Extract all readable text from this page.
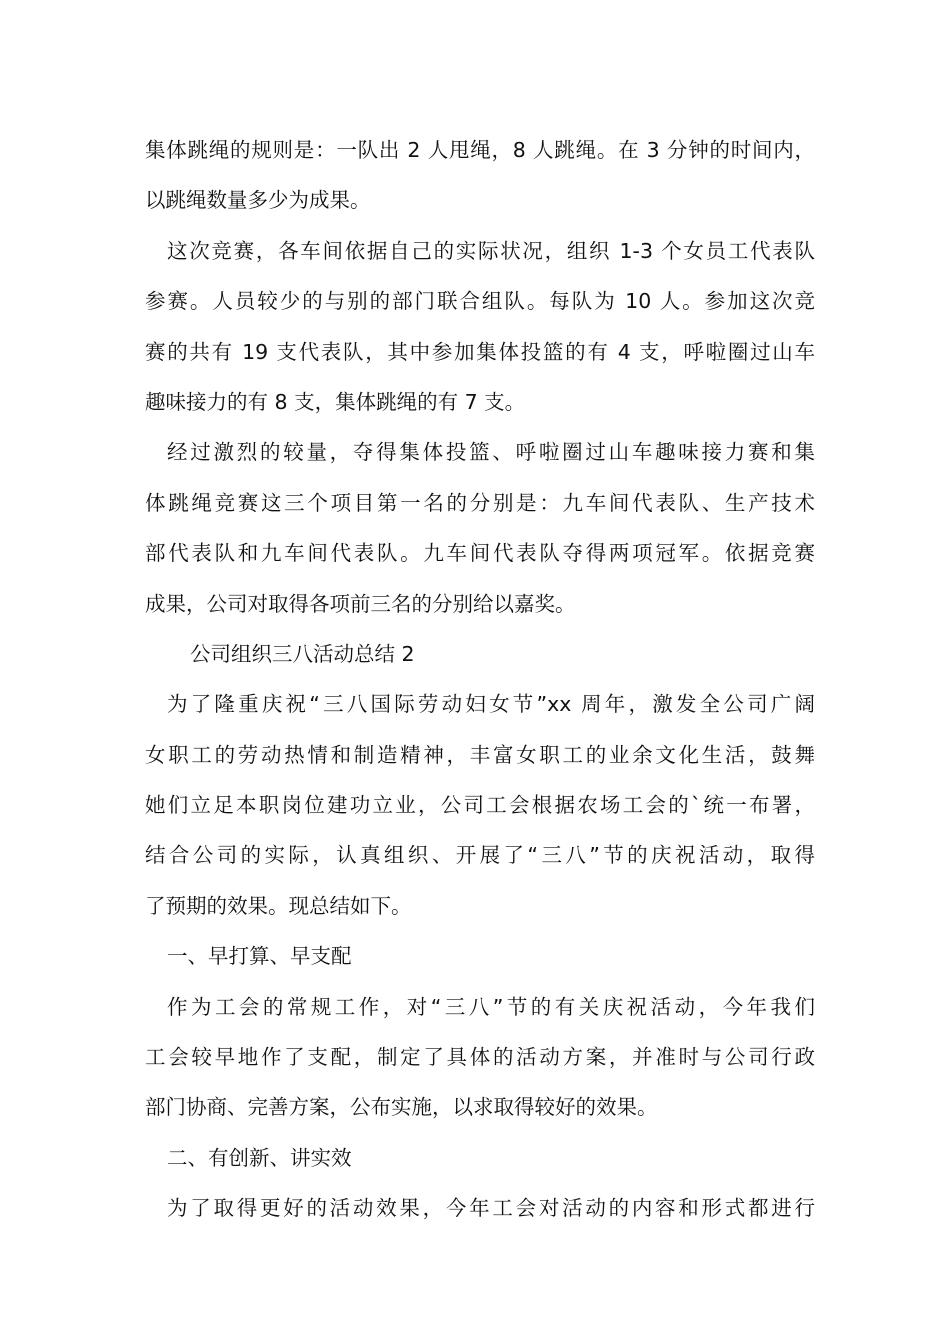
集体跳绳的规则是：一队出 2 人甩绳，8 人跳绳。在 3 分钟的时间内，
以跳绳数量多少为成果。
这次竞赛，各车间依据自己的实际状况，组织 1-3 个女员工代表队
参赛。人员较少的与别的部门联合组队。每队为 10 人。参加这次竞
赛的共有 19 支代表队，其中参加集体投篮的有 4 支，呼啦圈过山车
趣味接力的有 8 支，集体跳绳的有 7 支。
经过激烈的较量，夺得集体投篮、呼啦圈过山车趣味接力赛和集
体跳绳竞赛这三个项目第一名的分别是：九车间代表队、生产技术
部代表队和九车间代表队。九车间代表队夺得两项冠军。依据竞赛
成果，公司对取得各项前三名的分别给以嘉奖。
公司组织三八活动总结 2
为了隆重庆祝“三八国际劳动妇女节”xx 周年，激发全公司广阔
女职工的劳动热情和制造精神，丰富女职工的业余文化生活，鼓舞
她们立足本职岗位建功立业，公司工会根据农场工会的`统一布署，
结合公司的实际，认真组织、开展了“三八”节的庆祝活动，取得
了预期的效果。现总结如下。
一、早打算、早支配
作为工会的常规工作，对“三八”节的有关庆祝活动，今年我们
工会较早地作了支配，制定了具体的活动方案，并准时与公司行政
部门协商、完善方案，公布实施，以求取得较好的效果。
二、有创新、讲实效
为了取得更好的活动效果，今年工会对活动的内容和形式都进行
